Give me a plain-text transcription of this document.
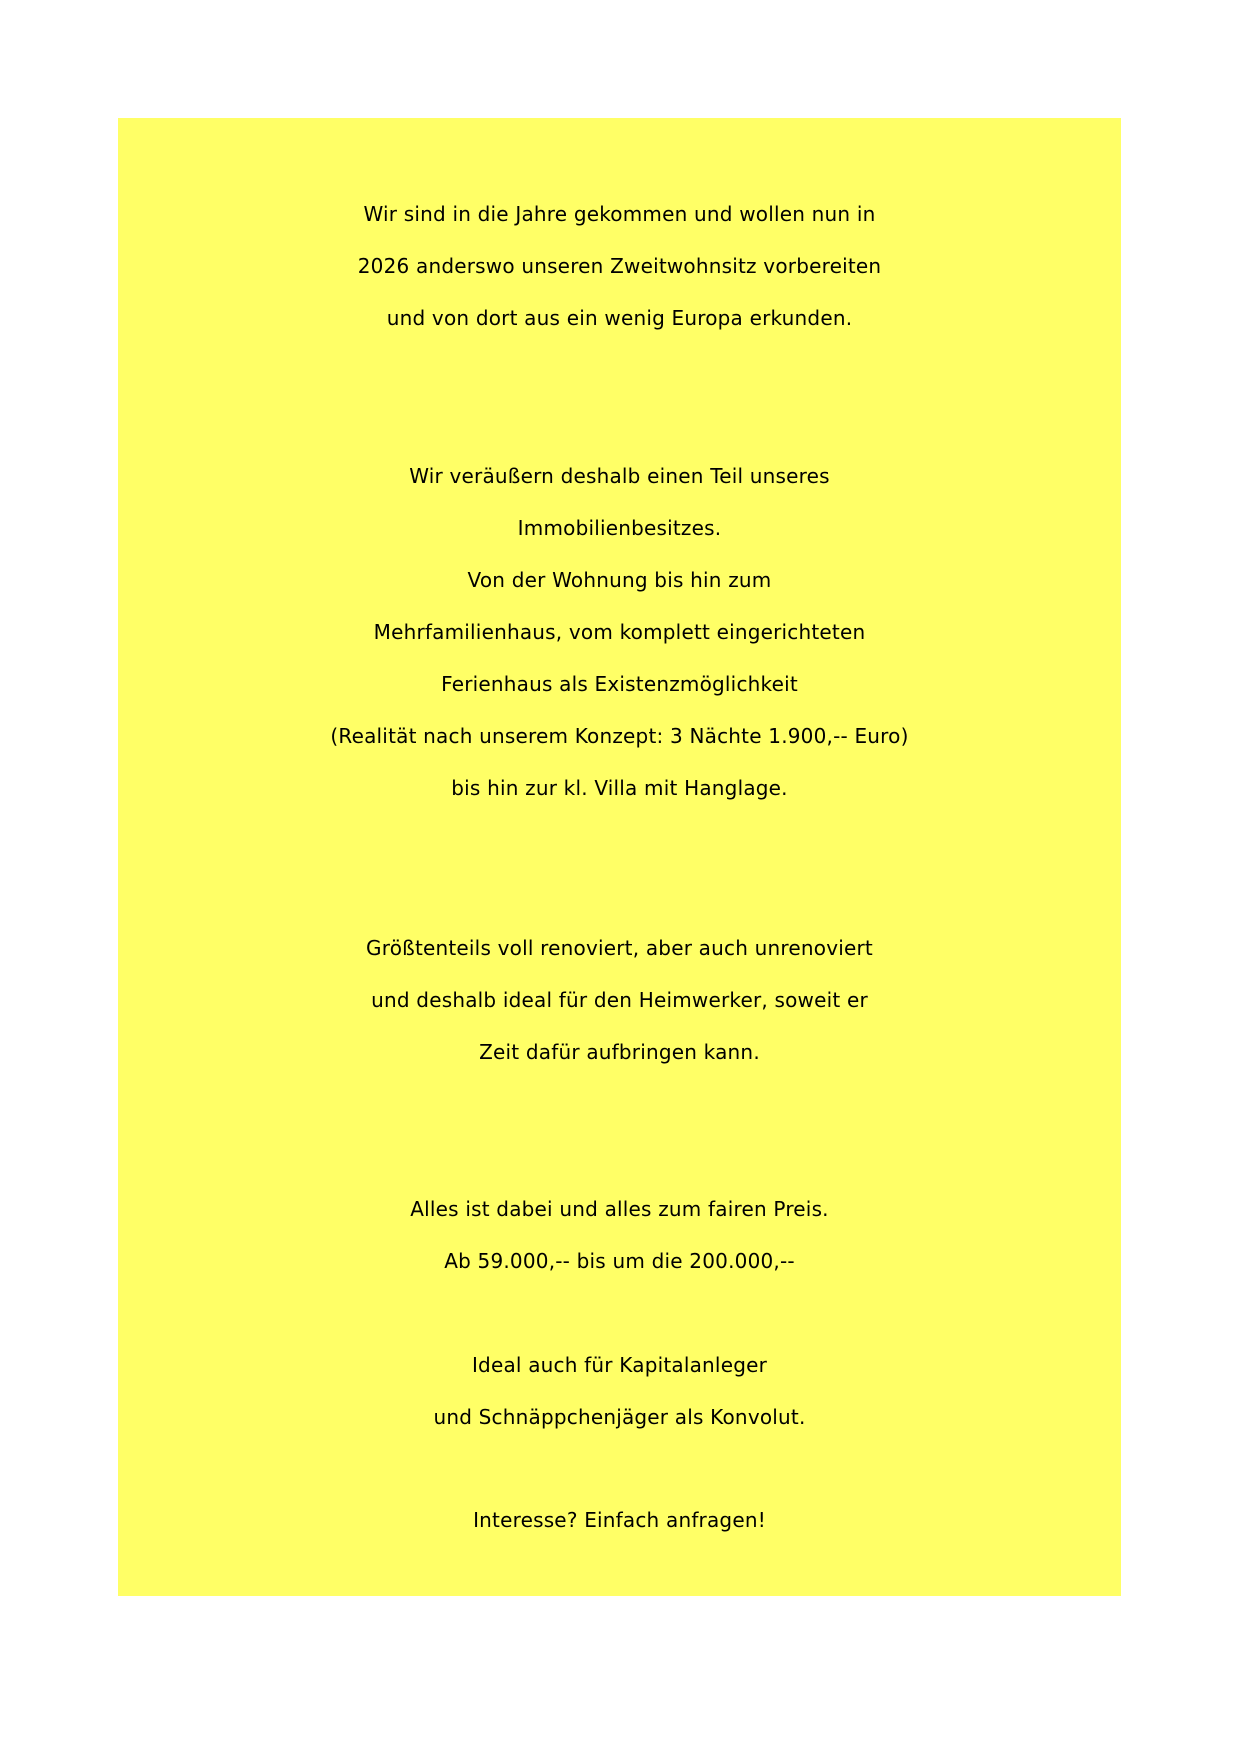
Wir sind in die Jahre gekommen und wollen nun in
2026 anderswo unseren Zweitwohnsitz vorbereiten
und von dort aus ein wenig Europa erkunden.
Wir veräußern deshalb einen Teil unseres
Immobilienbesitzes.
Von der Wohnung bis hin zum
Mehrfamilienhaus, vom komplett eingerichteten
Ferienhaus als Existenzmöglichkeit
(Realität nach unserem Konzept: 3 Nächte 1.900,-- Euro)
bis hin zur kl. Villa mit Hanglage.
Größtenteils voll renoviert, aber auch unrenoviert
und deshalb ideal für den Heimwerker, soweit er
Zeit dafür aufbringen kann.
Alles ist dabei und alles zum fairen Preis.
Ab 59.000,-- bis um die 200.000,--
Ideal auch für Kapitalanleger
und Schnäppchenjäger als Konvolut.
Interesse? Einfach anfragen!
